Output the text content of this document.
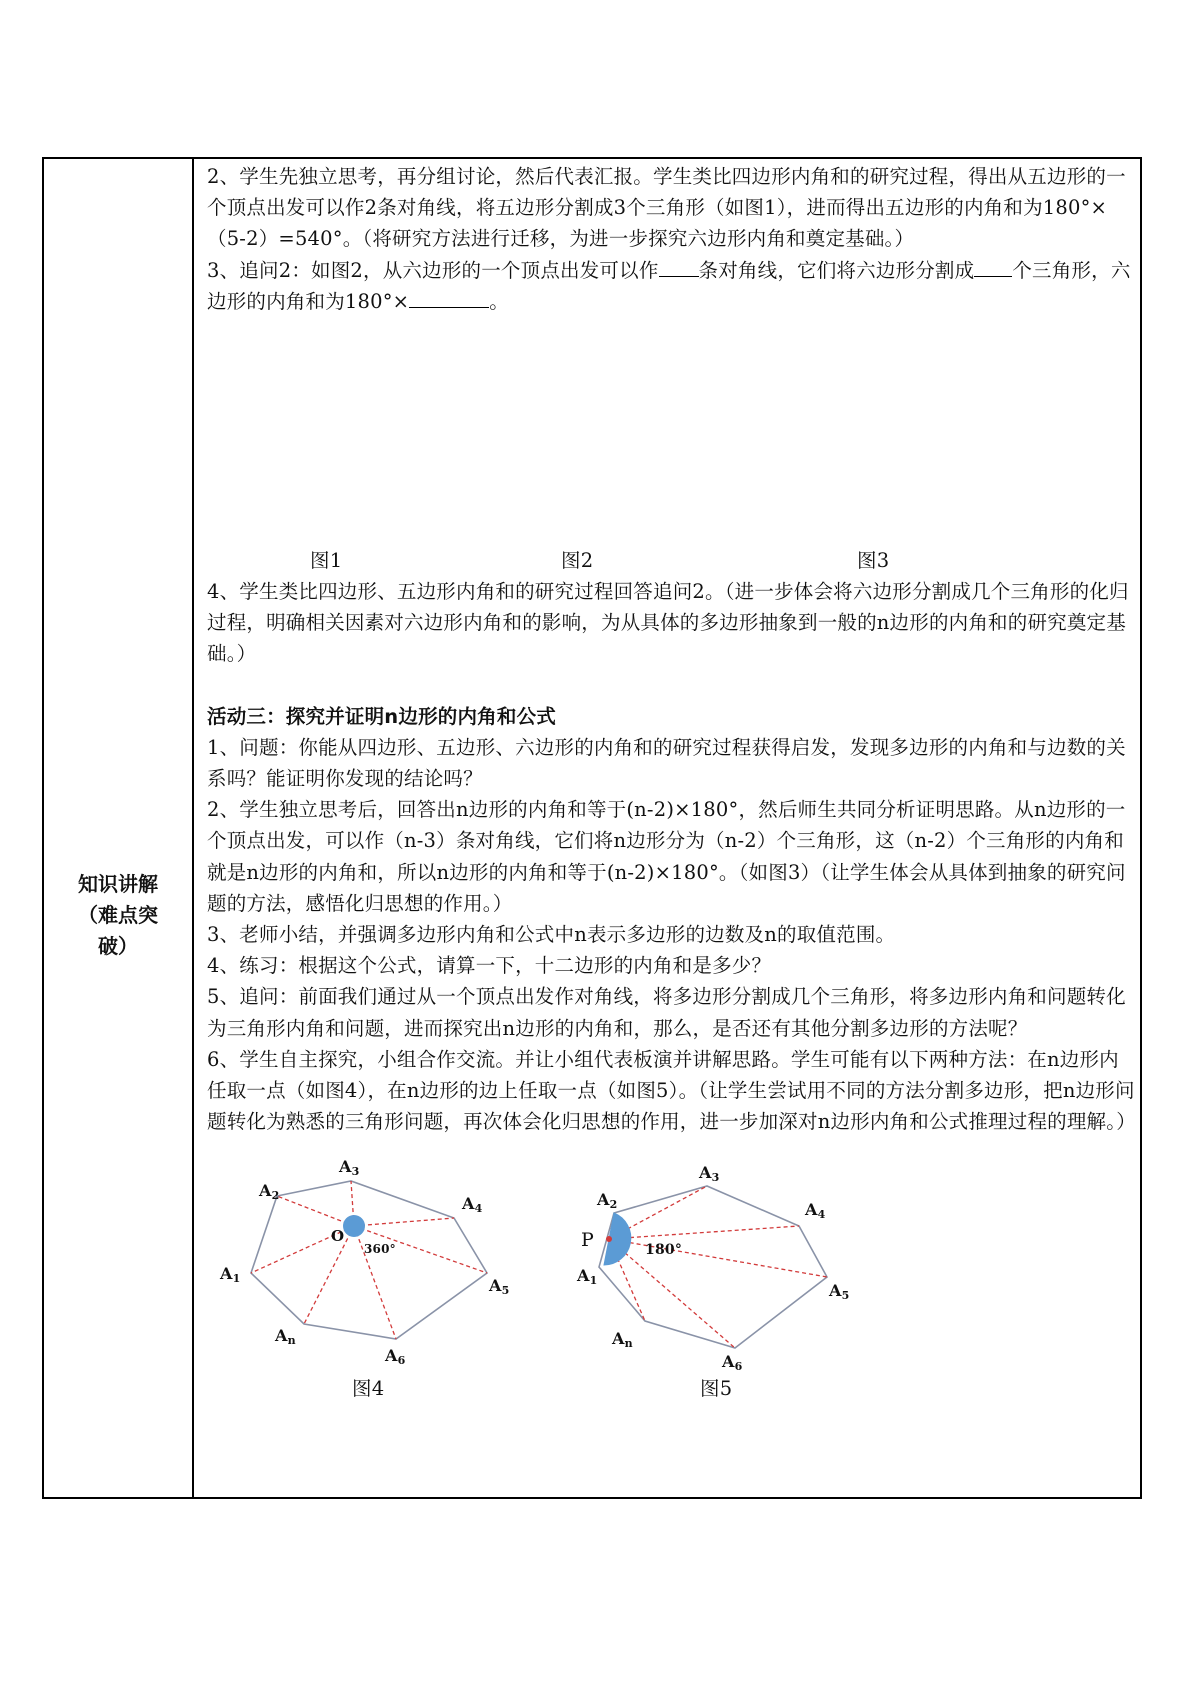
知识讲解
（难点突
破）

2、学生先独立思考，再分组讨论，然后代表汇报。学生类比四边形内角和的研究过程，得出从五边形的一个顶点出发可以作2条对角线，将五边形分割成3个三角形（如图1），进而得出五边形的内角和为180°×（5-2）=540°。（将研究方法进行迁移，为进一步探究六边形内角和奠定基础。）

3、追问2：如图2，从六边形的一个顶点出发可以作 条对角线，它们将六边形分割成 个三角形，六边形的内角和为180°×	。

图1	图2	图3

4、学生类比四边形、五边形内角和的研究过程回答追问2。（进一步体会将六边形分割成几个三角形的化归过程，明确相关因素对六边形内角和的影响，为从具体的多边形抽象到一般的n边形的内角和的研究奠定基础。）

活动三：探究并证明n边形的内角和公式

1、问题：你能从四边形、五边形、六边形的内角和的研究过程获得启发，发现多边形的内角和与边数的关系吗？能证明你发现的结论吗？

2、学生独立思考后，回答出n边形的内角和等于(n-2)×180°，然后师生共同分析证明思路。从n边形的一个顶点出发，可以作（n-3）条对角线，它们将n边形分为（n-2）个三角形，这（n-2）个三角形的内角和就是n边形的内角和，所以n边形的内角和等于(n-2)×180°。（如图3）（让学生体会从具体到抽象的研究问题的方法，感悟化归思想的作用。）

3、老师小结，并强调多边形内角和公式中n表示多边形的边数及n的取值范围。

4、练习：根据这个公式，请算一下，十二边形的内角和是多少？

5、追问：前面我们通过从一个顶点出发作对角线，将多边形分割成几个三角形，将多边形内角和问题转化为三角形内角和问题，进而探究出n边形的内角和，那么，是否还有其他分割多边形的方法呢？

6、学生自主探究，小组合作交流。并让小组代表板演并讲解思路。学生可能有以下两种方法：在n边形内任取一点（如图4），在n边形的边上任取一点（如图5）。（让学生尝试用不同的方法分割多边形，把n边形问题转化为熟悉的三角形问题，再次体会化归思想的作用，进一步加深对n边形内角和公式推理过程的理解。）

O
360°
A1
A2
A3
A4
A5
A6
An
图4
P	180°
A1
A2
A3
A4
A5
A6
An
图5
